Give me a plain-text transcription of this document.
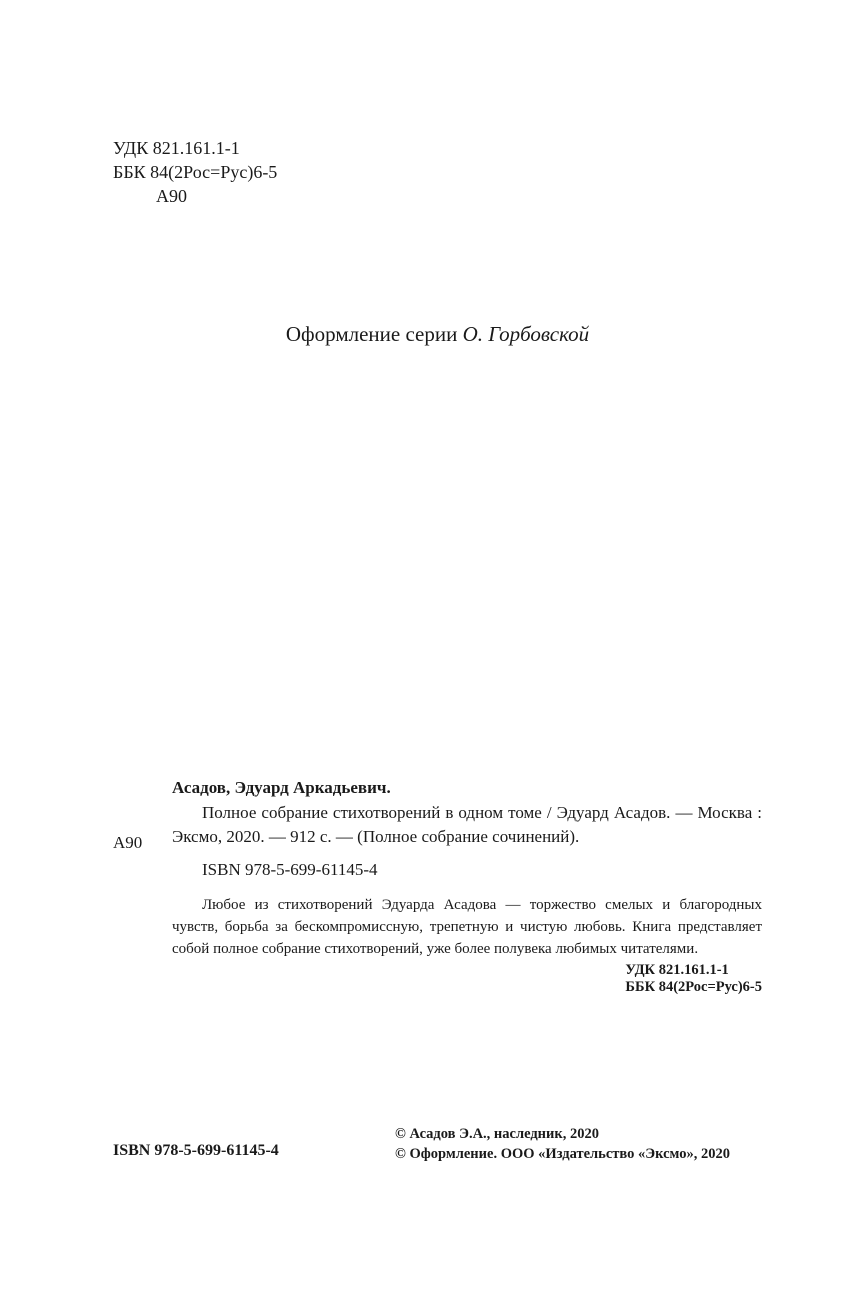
УДК 821.161.1-1
ББК 84(2Рос=Рус)6-5
А90
Оформление серии О. Горбовской
А90
Асадов, Эдуард Аркадьевич.
Полное собрание стихотворений в одном томе / Эдуард Асадов. — Москва : Эксмо, 2020. — 912 с. — (Полное собрание сочинений).
ISBN 978-5-699-61145-4
Любое из стихотворений Эдуарда Асадова — торжество смелых и благородных чувств, борьба за бескомпромиссную, трепетную и чистую любовь. Книга представляет собой полное собрание стихотворений, уже более полувека любимых читателями.
УДК 821.161.1-1
ББК 84(2Рос=Рус)6-5
ISBN 978-5-699-61145-4
© Асадов Э.А., наследник, 2020
© Оформление. ООО «Издательство «Эксмо», 2020
